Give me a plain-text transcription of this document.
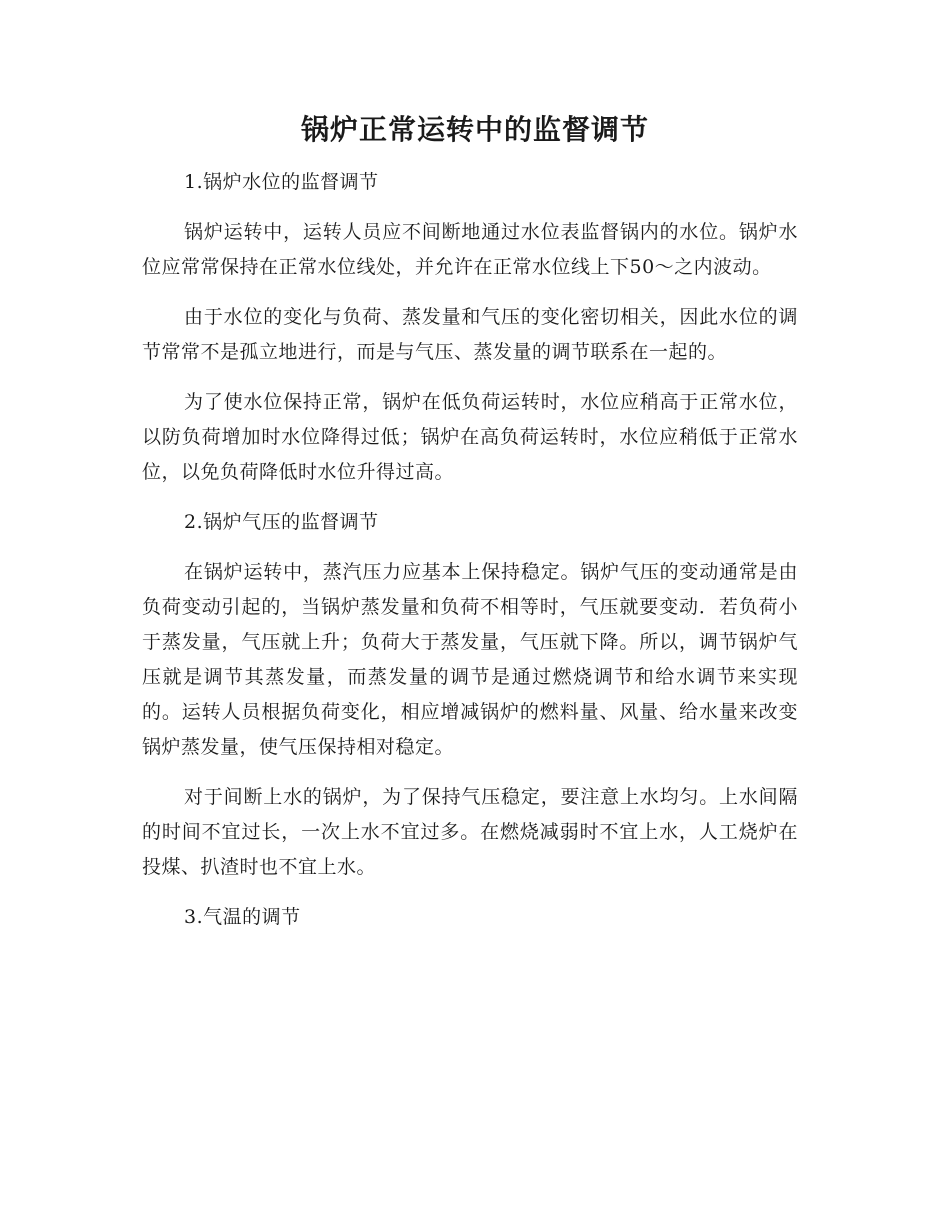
锅炉正常运转中的监督调节

1.锅炉水位的监督调节

锅炉运转中，运转人员应不间断地通过水位表监督锅内的水位。锅炉水位应常常保持在正常水位线处，并允许在正常水位线上下50～之内波动。

由于水位的变化与负荷、蒸发量和气压的变化密切相关，因此水位的调节常常不是孤立地进行，而是与气压、蒸发量的调节联系在一起的。

为了使水位保持正常，锅炉在低负荷运转时，水位应稍高于正常水位，以防负荷增加时水位降得过低；锅炉在高负荷运转时，水位应稍低于正常水位，以免负荷降低时水位升得过高。

2.锅炉气压的监督调节

在锅炉运转中，蒸汽压力应基本上保持稳定。锅炉气压的变动通常是由负荷变动引起的，当锅炉蒸发量和负荷不相等时，气压就要变动．若负荷小于蒸发量，气压就上升；负荷大于蒸发量，气压就下降。所以，调节锅炉气压就是调节其蒸发量，而蒸发量的调节是通过燃烧调节和给水调节来实现的。运转人员根据负荷变化，相应增减锅炉的燃料量、风量、给水量来改变锅炉蒸发量，使气压保持相对稳定。

对于间断上水的锅炉，为了保持气压稳定，要注意上水均匀。上水间隔的时间不宜过长，一次上水不宜过多。在燃烧减弱时不宜上水，人工烧炉在投煤、扒渣时也不宜上水。

3.气温的调节
